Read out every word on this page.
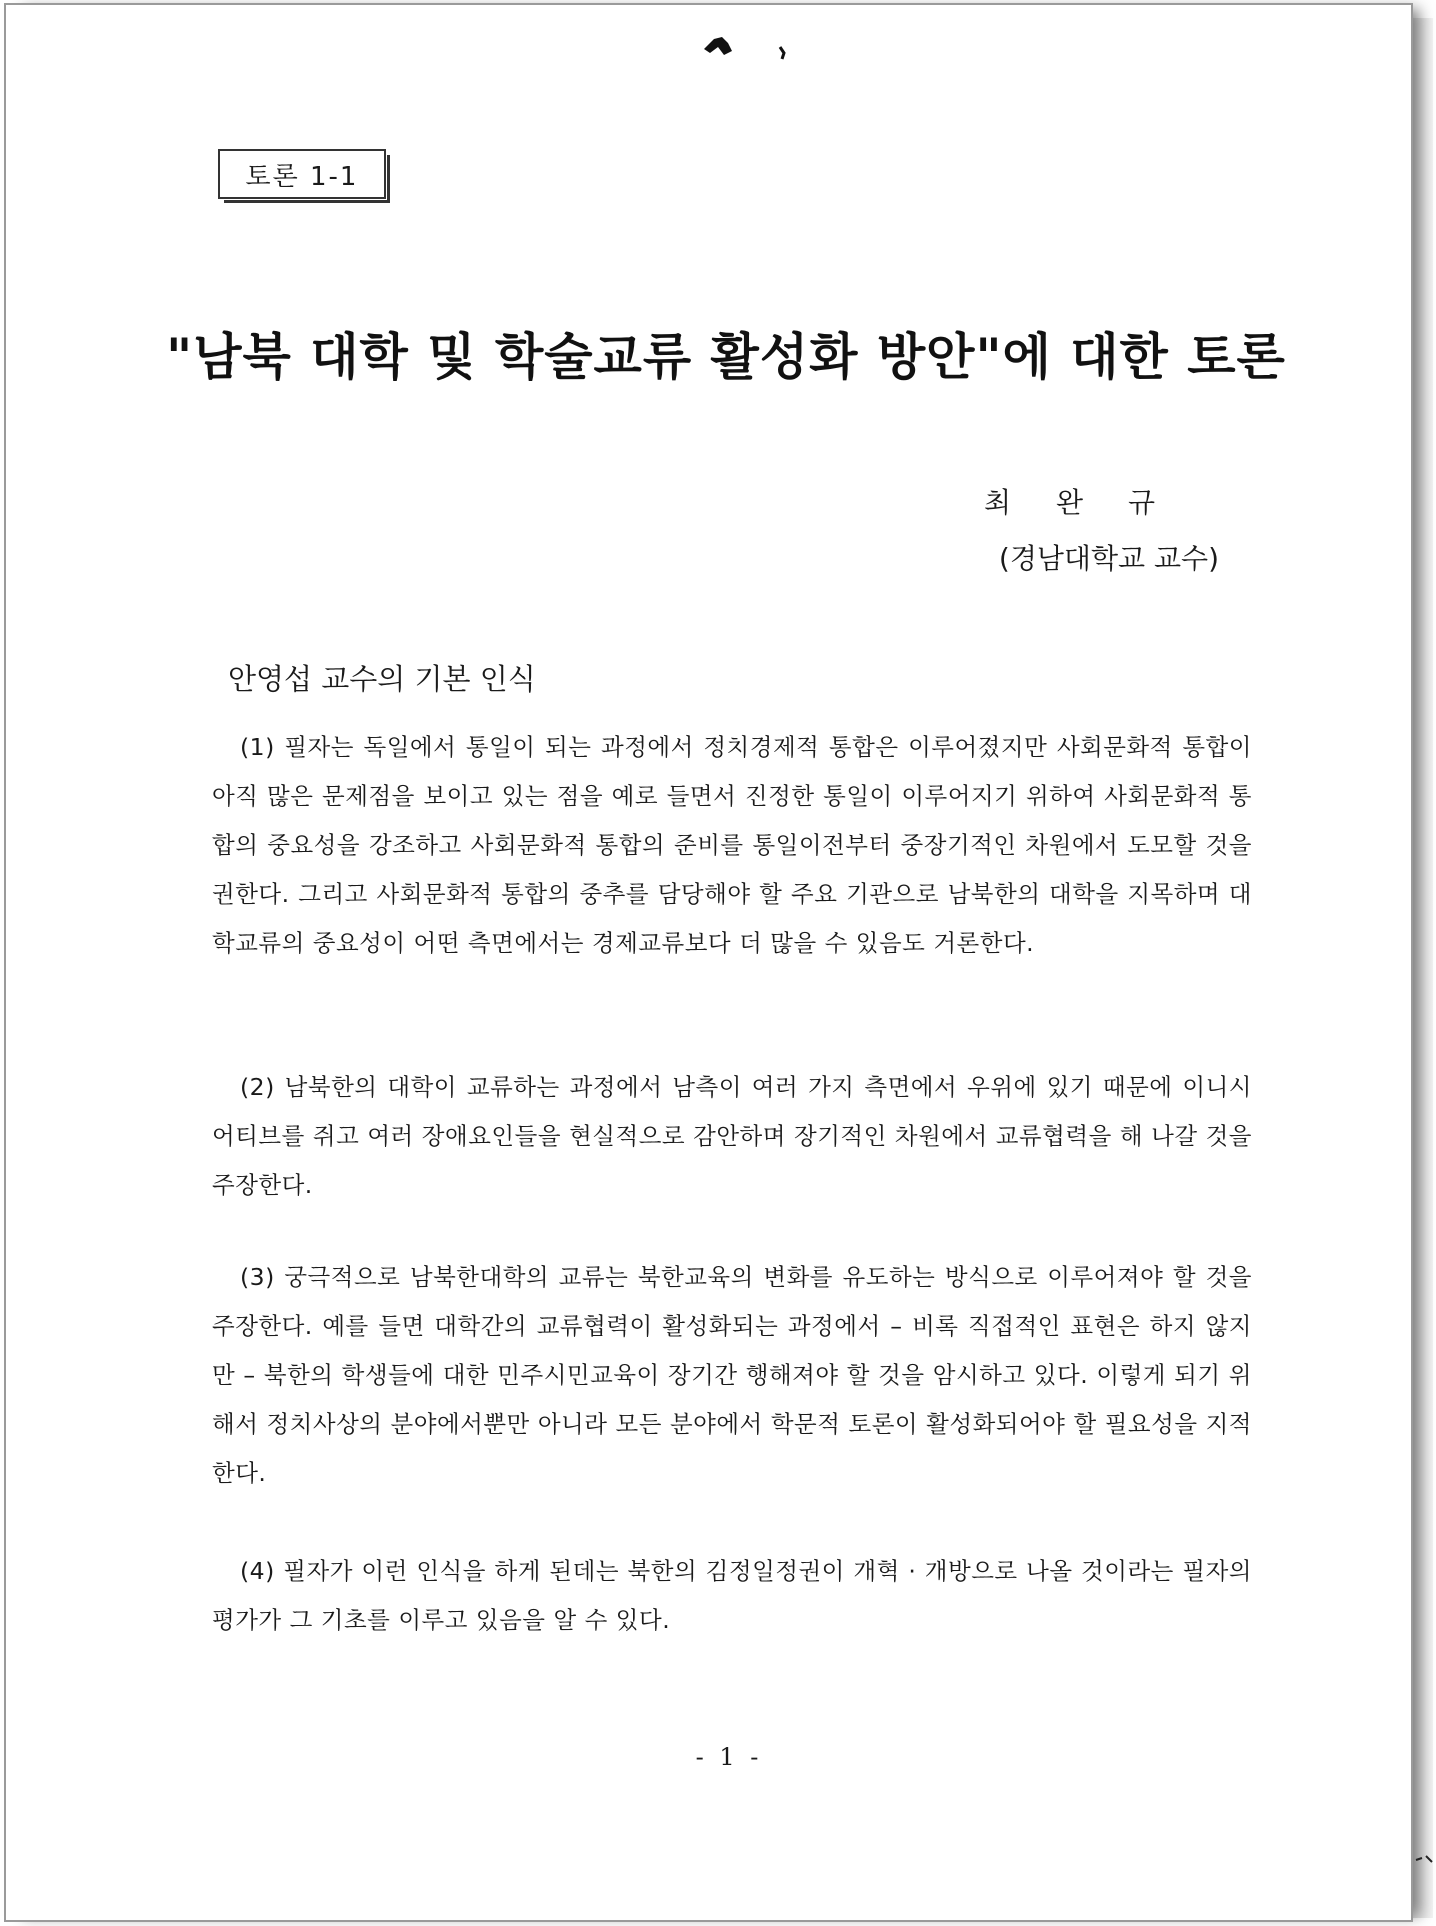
토론 1-1
"남북 대학 및 학술교류 활성화 방안"에 대한 토론
최 완 규
(경남대학교 교수)
안영섭 교수의 기본 인식

(1) 필자는 독일에서 통일이 되는 과정에서 정치경제적 통합은 이루어졌지만 사회문화적 통합이 아직 많은 문제점을 보이고 있는 점을 예로 들면서 진정한 통일이 이루어지기 위하여 사회문화적 통합의 중요성을 강조하고 사회문화적 통합의 준비를 통일이전부터 중장기적인 차원에서 도모할 것을 권한다. 그리고 사회문화적 통합의 중추를 담당해야 할 주요 기관으로 남북한의 대학을 지목하며 대학교류의 중요성이 어떤 측면에서는 경제교류보다 더 많을 수 있음도 거론한다.

(2) 남북한의 대학이 교류하는 과정에서 남측이 여러 가지 측면에서 우위에 있기 때문에 이니시어티브를 쥐고 여러 장애요인들을 현실적으로 감안하며 장기적인 차원에서 교류협력을 해 나갈 것을 주장한다.

(3) 궁극적으로 남북한대학의 교류는 북한교육의 변화를 유도하는 방식으로 이루어져야 할 것을 주장한다. 예를 들면 대학간의 교류협력이 활성화되는 과정에서 – 비록 직접적인 표현은 하지 않지만 – 북한의 학생들에 대한 민주시민교육이 장기간 행해져야 할 것을 암시하고 있다. 이렇게 되기 위해서 정치사상의 분야에서뿐만 아니라 모든 분야에서 학문적 토론이 활성화되어야 할 필요성을 지적한다.

(4) 필자가 이런 인식을 하게 된데는 북한의 김정일정권이 개혁 · 개방으로 나올 것이라는 필자의 평가가 그 기초를 이루고 있음을 알 수 있다.

- 1 -
